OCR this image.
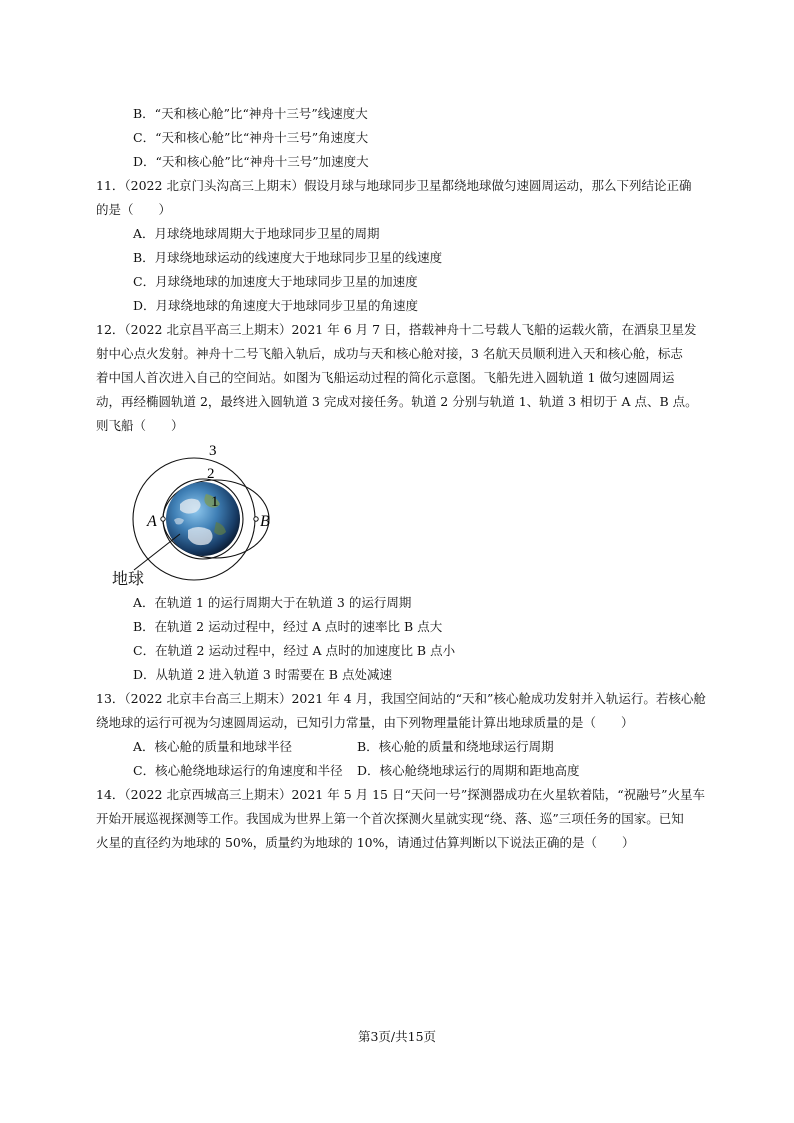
B．“天和核心舱”比“神舟十三号”线速度大
C．“天和核心舱”比“神舟十三号”角速度大
D．“天和核心舱”比“神舟十三号”加速度大
11．（2022 北京门头沟高三上期末）假设月球与地球同步卫星都绕地球做匀速圆周运动，那么下列结论正确
的是（　　）
A．月球绕地球周期大于地球同步卫星的周期
B．月球绕地球运动的线速度大于地球同步卫星的线速度
C．月球绕地球的加速度大于地球同步卫星的加速度
D．月球绕地球的角速度大于地球同步卫星的角速度
12．（2022 北京昌平高三上期末）2021 年 6 月 7 日，搭载神舟十二号载人飞船的运载火箭，在酒泉卫星发
射中心点火发射。神舟十二号飞船入轨后，成功与天和核心舱对接，3 名航天员顺利进入天和核心舱，标志
着中国人首次进入自己的空间站。如图为飞船运动过程的简化示意图。飞船先进入圆轨道 1 做匀速圆周运
动，再经椭圆轨道 2，最终进入圆轨道 3 完成对接任务。轨道 2 分别与轨道 1、轨道 3 相切于 A 点、B 点。
则飞船（　　）
3
2
1
A	B
地球
A．在轨道 1 的运行周期大于在轨道 3 的运行周期
B．在轨道 2 运动过程中，经过 A 点时的速率比 B 点大
C．在轨道 2 运动过程中，经过 A 点时的加速度比 B 点小
D．从轨道 2 进入轨道 3 时需要在 B 点处减速
13．（2022 北京丰台高三上期末）2021 年 4 月，我国空间站的“天和”核心舱成功发射并入轨运行。若核心舱
绕地球的运行可视为匀速圆周运动，已知引力常量，由下列物理量能计算出地球质量的是（　　）
A．核心舱的质量和地球半径	B．核心舱的质量和绕地球运行周期
C．核心舱绕地球运行的角速度和半径 D．核心舱绕地球运行的周期和距地高度
14．（2022 北京西城高三上期末）2021 年 5 月 15 日“天问一号”探测器成功在火星软着陆，“祝融号”火星车
开始开展巡视探测等工作。我国成为世界上第一个首次探测火星就实现“绕、落、巡”三项任务的国家。已知
火星的直径约为地球的 50%，质量约为地球的 10%，请通过估算判断以下说法正确的是（　　）
第3页/共15页
